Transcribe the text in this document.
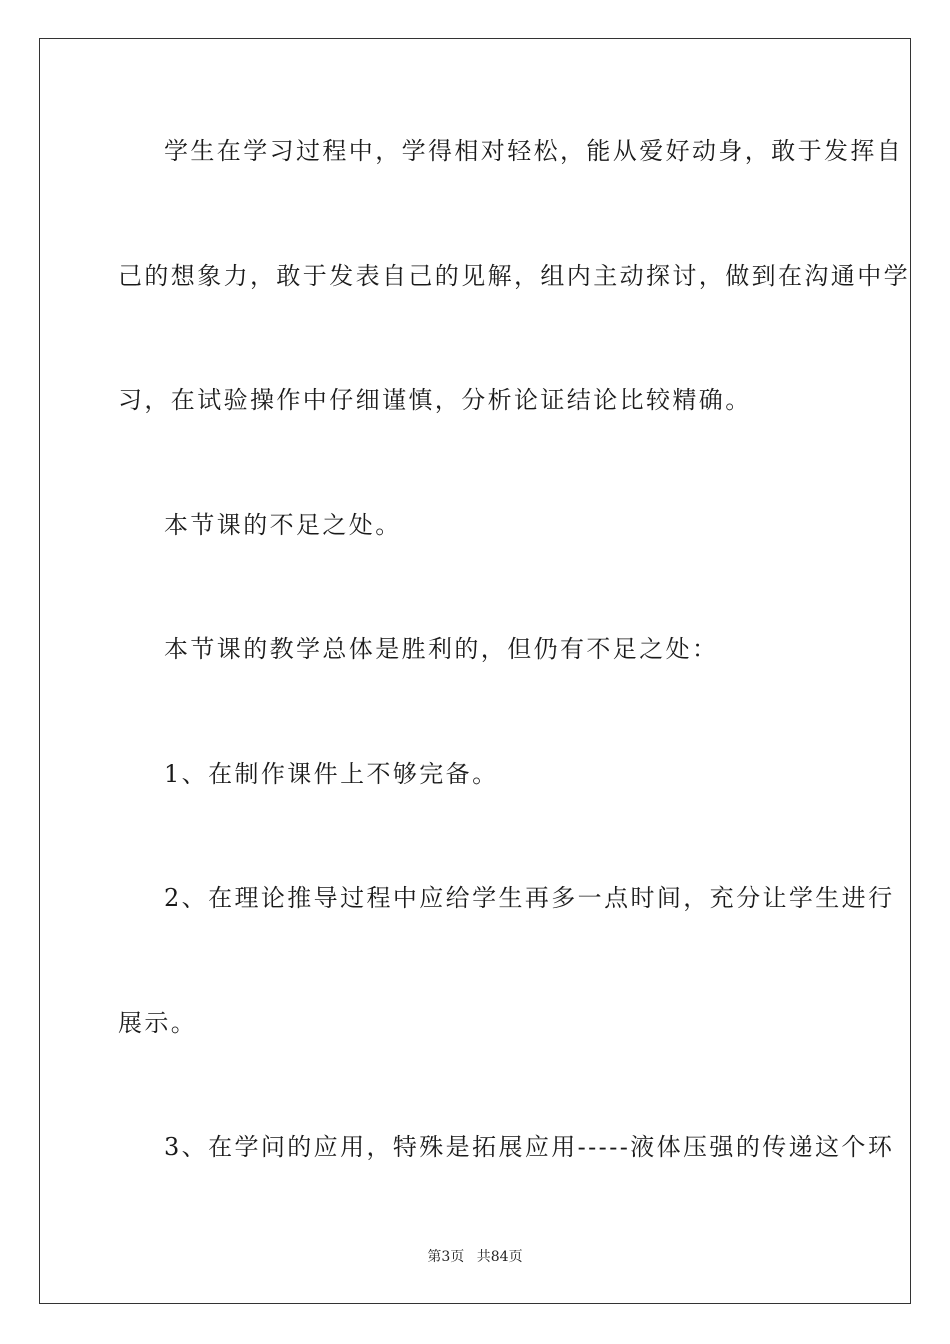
学生在学习过程中，学得相对轻松，能从爱好动身，敢于发挥自
己的想象力，敢于发表自己的见解，组内主动探讨，做到在沟通中学
习，在试验操作中仔细谨慎，分析论证结论比较精确。
本节课的不足之处。
本节课的教学总体是胜利的，但仍有不足之处：
1、在制作课件上不够完备。
2、在理论推导过程中应给学生再多一点时间，充分让学生进行
展示。
3、在学问的应用，特殊是拓展应用-----液体压强的传递这个环
第3页 共84页
